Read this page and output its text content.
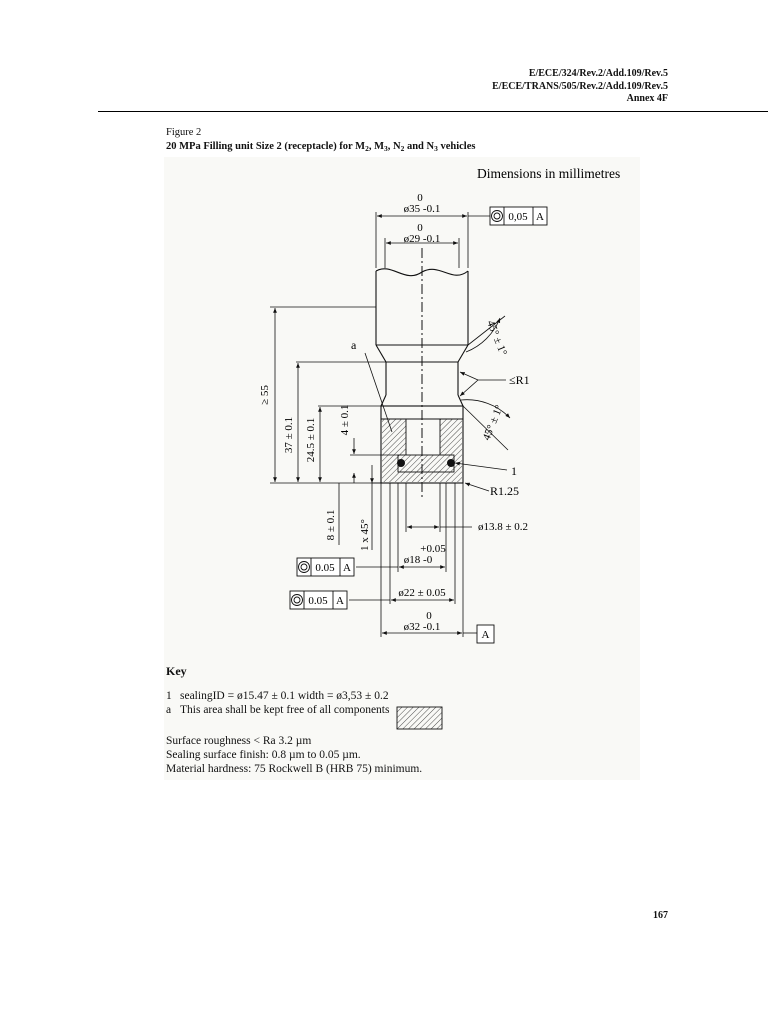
E/ECE/324/Rev.2/Add.109/Rev.5
E/ECE/TRANS/505/Rev.2/Add.109/Rev.5
Annex 4F
Figure 2
20 MPa Filling unit Size 2 (receptacle) for $M_2$, $M_3$, $N_2$ and $N_3$ vehicles
Dimensions in millimetres
0
ø35 -0.1
0
ø29 -0.1
0,05 A
≥ 55
37 ± 0.1 24.5 ± 0.1 4 ± 0.1
8 ± 0.1 1 x 45°
45° ± 1°
45° ± 1°
a
≤R1
1
R1.25
ø13.8 ± 0.2
+0.05
ø18 -0
ø22 ± 0.05
0
ø32 -0.1
0.05 A
0.05 A
A
Key
1 sealingID = ø15.47 ± 0.1 width = ø3,53 ± 0.2
a This area shall be kept free of all components
Surface roughness < Ra 3.2 µm
Sealing surface finish: 0.8 µm to 0.05 µm.
Material hardness: 75 Rockwell B (HRB 75) minimum.
167
